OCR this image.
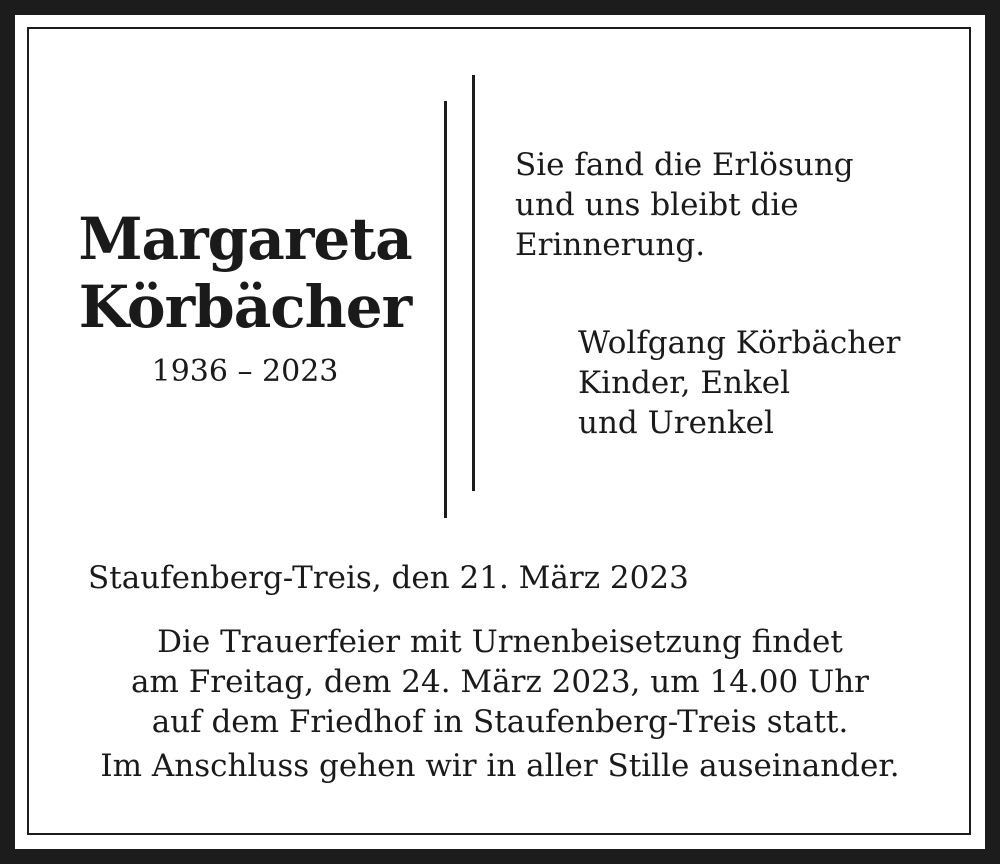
Margareta
Körbächer
1936 – 2023
Sie fand die Erlösung
und uns bleibt die
Erinnerung.
Wolfgang Körbächer
Kinder, Enkel
und Urenkel
Staufenberg-Treis, den 21. März 2023
Die Trauerfeier mit Urnenbeisetzung findet
am Freitag, dem 24. März 2023, um 14.00 Uhr
auf dem Friedhof in Staufenberg-Treis statt.
Im Anschluss gehen wir in aller Stille auseinander.
